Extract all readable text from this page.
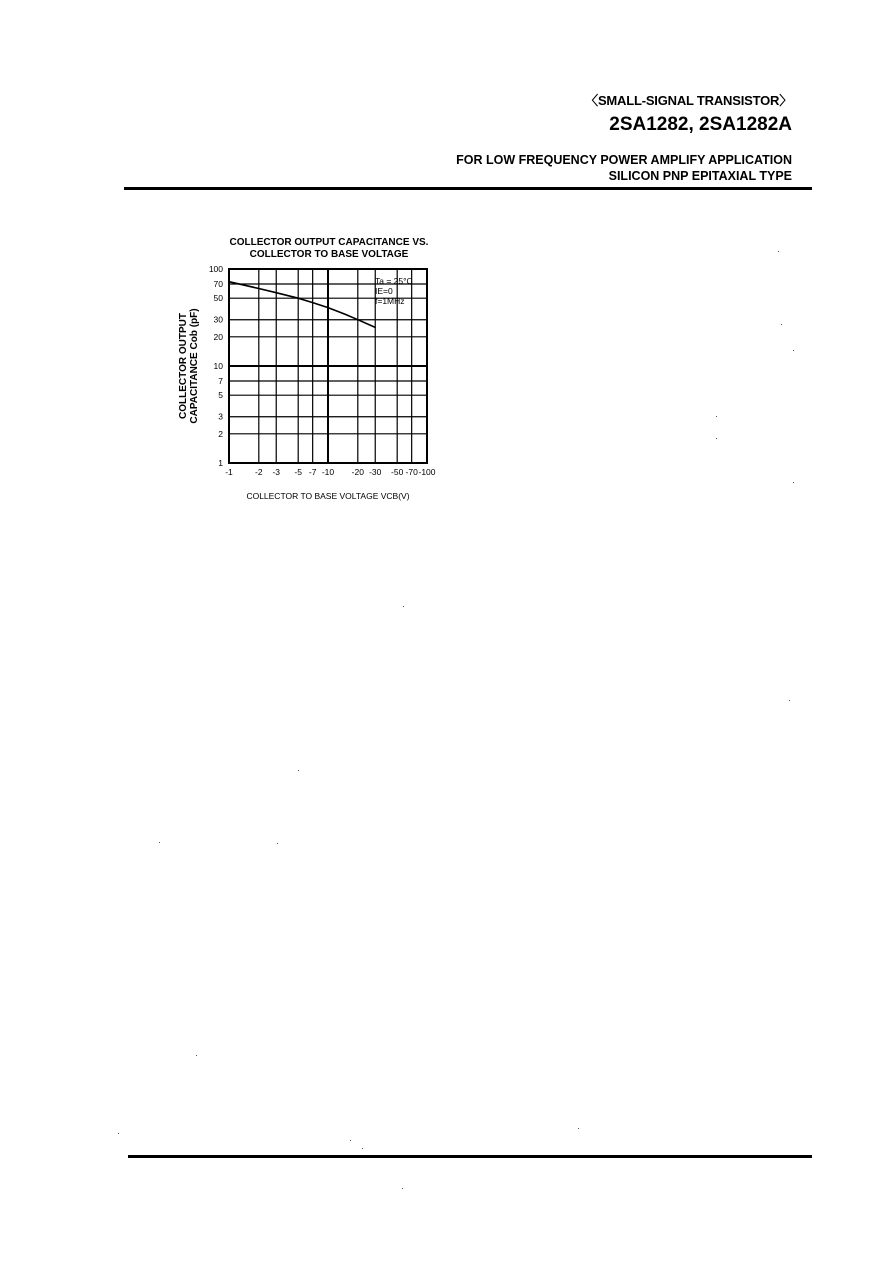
〈SMALL-SIGNAL TRANSISTOR〉
2SA1282, 2SA1282A
FOR LOW FREQUENCY POWER AMPLIFY APPLICATION
SILICON PNP EPITAXIAL TYPE
COLLECTOR OUTPUT CAPACITANCE VS.
COLLECTOR TO BASE VOLTAGE
100
70
50
30
20
10
7
5
3
2
1
-1	-2 -3 -5 -7 -10 -20 -30 -50 -70 -100
Ta = 25°C
IE=0
f=1MHz
COLLECTOR OUTPUT CAPACITANCE Cob (pF)
COLLECTOR TO BASE VOLTAGE VCB(V)
